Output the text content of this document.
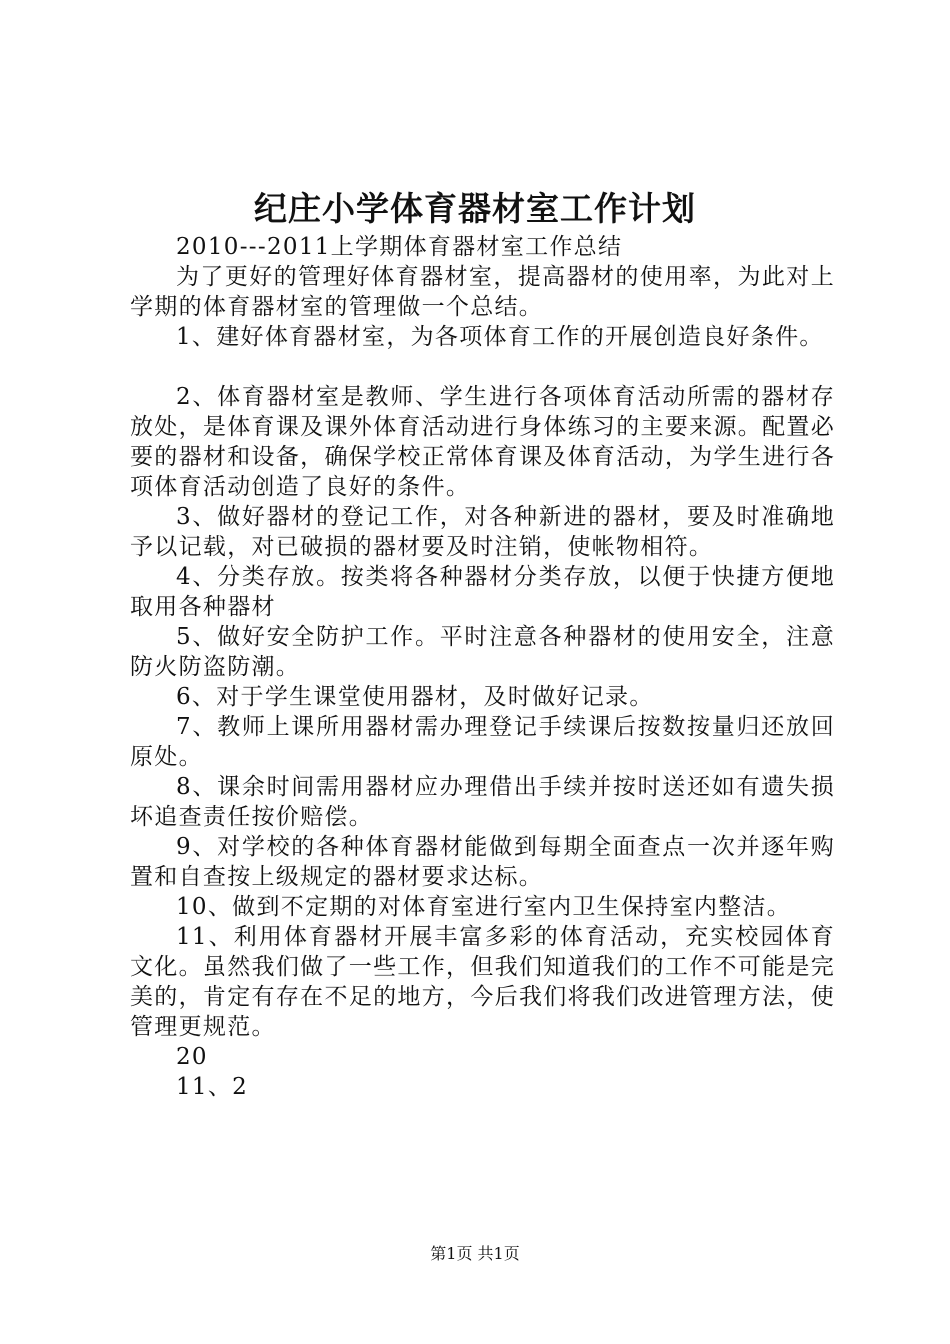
纪庄小学体育器材室工作计划

2010---2011上学期体育器材室工作总结

为了更好的管理好体育器材室，提高器材的使用率，为此对上学期的体育器材室的管理做一个总结。

1、建好体育器材室，为各项体育工作的开展创造良好条件。

2、体育器材室是教师、学生进行各项体育活动所需的器材存放处，是体育课及课外体育活动进行身体练习的主要来源。配置必要的器材和设备，确保学校正常体育课及体育活动，为学生进行各项体育活动创造了良好的条件。

3、做好器材的登记工作，对各种新进的器材，要及时准确地予以记载，对已破损的器材要及时注销，使帐物相符。

4、分类存放。按类将各种器材分类存放，以便于快捷方便地取用各种器材

5、做好安全防护工作。平时注意各种器材的使用安全，注意防火防盗防潮。

6、对于学生课堂使用器材，及时做好记录。

7、教师上课所用器材需办理登记手续课后按数按量归还放回原处。

8、课余时间需用器材应办理借出手续并按时送还如有遗失损坏追查责任按价赔偿。

9、对学校的各种体育器材能做到每期全面查点一次并逐年购置和自查按上级规定的器材要求达标。

10、做到不定期的对体育室进行室内卫生保持室内整洁。

11、利用体育器材开展丰富多彩的体育活动，充实校园体育文化。虽然我们做了一些工作，但我们知道我们的工作不可能是完美的，肯定有存在不足的地方，今后我们将我们改进管理方法，使管理更规范。

20

11、2

第1页 共1页
